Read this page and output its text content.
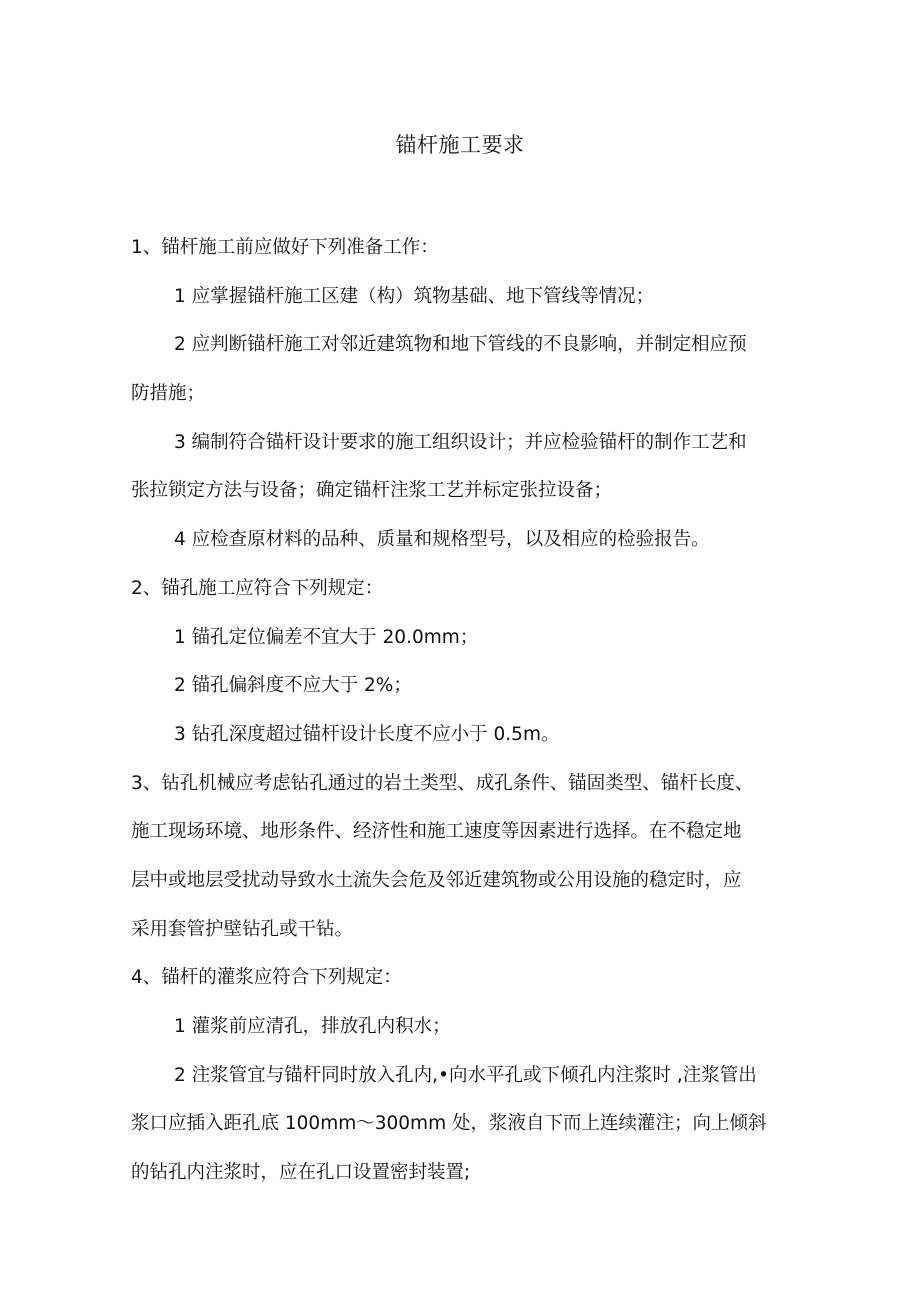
锚杆施工要求
1、锚杆施工前应做好下列准备工作：
1 应掌握锚杆施工区建（构）筑物基础、地下管线等情况；
2 应判断锚杆施工对邻近建筑物和地下管线的不良影响，并制定相应预
防措施；
3 编制符合锚杆设计要求的施工组织设计；并应检验锚杆的制作工艺和
张拉锁定方法与设备；确定锚杆注浆工艺并标定张拉设备；
4 应检查原材料的品种、质量和规格型号，以及相应的检验报告。
2、锚孔施工应符合下列规定：
1 锚孔定位偏差不宜大于 20.0mm；
2 锚孔偏斜度不应大于 2%；
3 钻孔深度超过锚杆设计长度不应小于 0.5m。
3、钻孔机械应考虑钻孔通过的岩土类型、成孔条件、锚固类型、锚杆长度、
施工现场环境、地形条件、经济性和施工速度等因素进行选择。在不稳定地
层中或地层受扰动导致水土流失会危及邻近建筑物或公用设施的稳定时，应
采用套管护壁钻孔或干钻。
4、锚杆的灌浆应符合下列规定：
1 灌浆前应清孔，排放孔内积水；
2 注浆管宜与锚杆同时放入孔内,•向水平孔或下倾孔内注浆时 ,注浆管出
浆口应插入距孔底 100mm〜300mm 处，浆液自下而上连续灌注；向上倾斜
的钻孔内注浆时，应在孔口设置密封装置;
